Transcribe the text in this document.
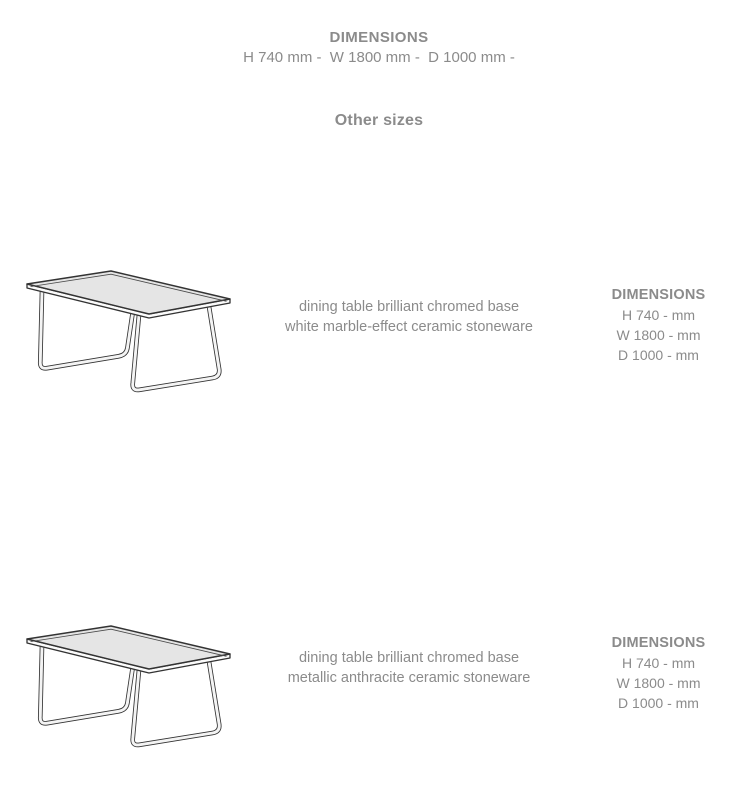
DIMENSIONS
H 740 mm -  W 1800 mm -  D 1000 mm -
Other sizes
dining table brilliant chromed base
white marble-effect ceramic stoneware
DIMENSIONS
H 740 - mm
W 1800 - mm
D 1000 - mm
dining table brilliant chromed base
metallic anthracite ceramic stoneware
DIMENSIONS
H 740 - mm
W 1800 - mm
D 1000 - mm
